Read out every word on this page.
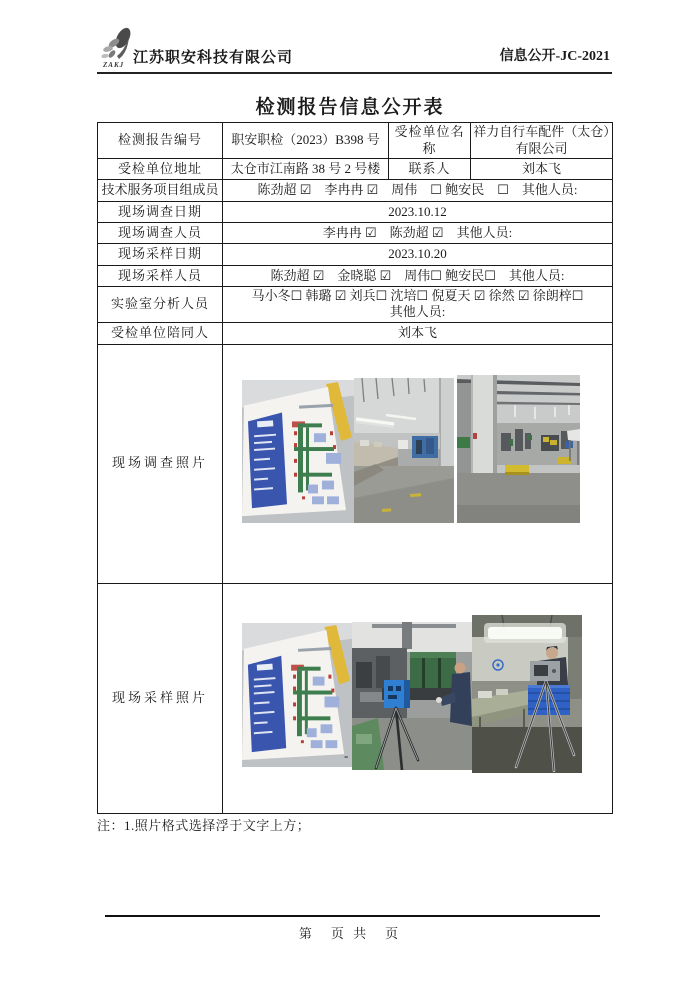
ZAKJ 江苏职安科技有限公司	信息公开-JC-2021
检测报告信息公开表
检测报告编号	职安职检（2023）B398 号	受检单位名称	祥力自行车配件（太仓）有限公司
受检单位地址	太仓市江南路 38 号 2 号楼	联系人	刘本飞
技术服务项目组成员	陈劲超 ☑　李冉冉 ☑　周伟　☐ 鲍安民　☐　其他人员:		
现场调查日期	2023.10.12		
现场调查人员	李冉冉 ☑　陈劲超 ☑　其他人员:		
现场采样日期	2023.10.20		
现场采样人员	陈劲超 ☑　金晓聪 ☑　周伟☐ 鲍安民☐　其他人员:		
实验室分析人员	马小冬☐ 韩璐 ☑ 刘兵☐ 沈培☐ 倪夏天 ☑ 徐然 ☑ 徐朗梓☐
其他人员:		

受检单位陪同人	刘本飞		
现场调查照片	

现场采样照片	
-
注：1.照片格式选择浮于文字上方；
第　页 共　页
